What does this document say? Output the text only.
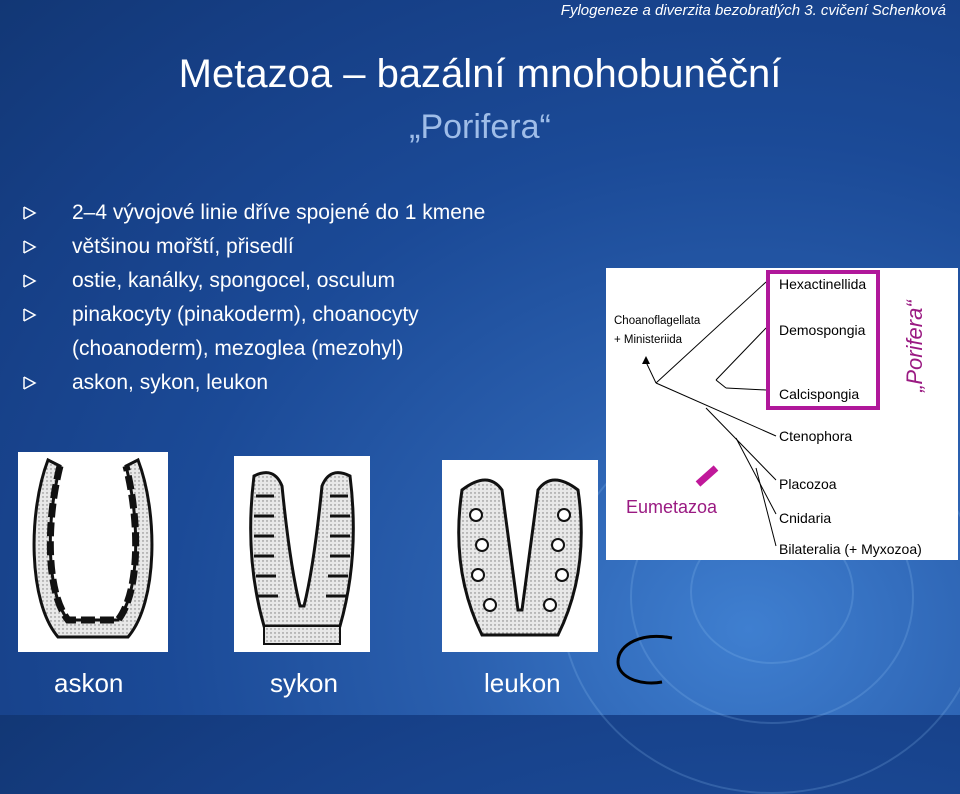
Fylogeneze a diverzita bezobratlých 3. cvičení Schenková
Metazoa – bazální mnohobuněční
„Porifera“
2–4 vývojové linie dříve spojené do 1 kmene
většinou mořští, přisedlí
ostie, kanálky, spongocel, osculum
pinakocyty (pinakoderm), choanocyty
(choanoderm), mezoglea (mezohyl)
askon, sykon, leukon
askon	sykon	leukon
Choanoflagellata
+ Ministeriida
Hexactinellida
Demospongia
Calcispongia
„Porifera“
Ctenophora
Placozoa
Eumetazoa
Cnidaria
Bilateralia (+ Myxozoa)
